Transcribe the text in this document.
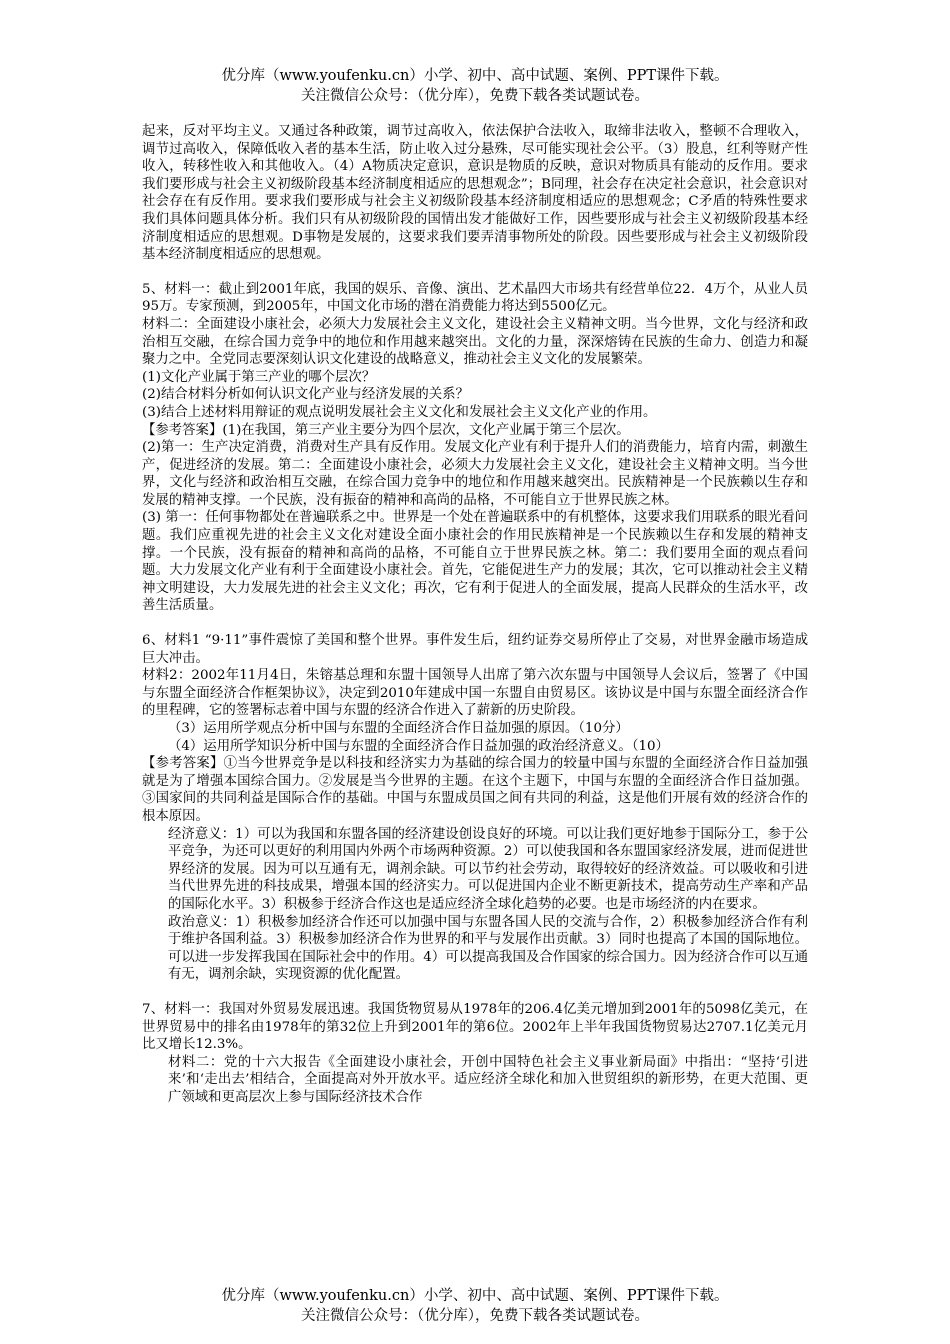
优分库（www.youfenku.cn）小学、初中、高中试题、案例、PPT课件下载。
关注微信公众号：（优分库），免费下载各类试题试卷。

起来，反对平均主义。又通过各种政策，调节过高收入，依法保护合法收入，取缔非法收入，整顿不合理收入，调节过高收入，保障低收入者的基本生活，防止收入过分悬殊，尽可能实现社会公平。（3）股息，红利等财产性收入，转移性收入和其他收入。（4）A物质决定意识，意识是物质的反映，意识对物质具有能动的反作用。要求我们要形成与社会主义初级阶段基本经济制度相适应的思想观念”；B同理，社会存在决定社会意识，社会意识对社会存在有反作用。要求我们要形成与社会主义初级阶段基本经济制度相适应的思想观念；C矛盾的特殊性要求我们具体问题具体分析。我们只有从初级阶段的国情出发才能做好工作，因些要形成与社会主义初级阶段基本经济制度相适应的思想观。D事物是发展的，这要求我们要弄清事物所处的阶段。因些要形成与社会主义初级阶段基本经济制度相适应的思想观。

5、材料一：截止到2001年底，我国的娱乐、音像、演出、艺术晶四大市场共有经营单位22．4万个，从业人员95万。专家预测，到2005年，中国文化市场的潜在消费能力将达到5500亿元。

材料二：全面建设小康社会，必须大力发展社会主义文化，建设社会主义精神文明。当今世界，文化与经济和政治相互交融，在综合国力竞争中的地位和作用越来越突出。文化的力量，深深熔铸在民族的生命力、创造力和凝聚力之中。全党同志要深刻认识文化建设的战略意义，推动社会主义文化的发展繁荣。

(1)文化产业属于第三产业的哪个层次？

(2)结合材料分析如何认识文化产业与经济发展的关系？

(3)结合上述材料用辩证的观点说明发展社会主义文化和发展社会主义文化产业的作用。

【参考答案】(1)在我国，第三产业主要分为四个层次，文化产业属于第三个层次。

(2)第一：生产决定消费，消费对生产具有反作用。发展文化产业有利于提升人们的消费能力，培育内需，刺激生产，促进经济的发展。第二：全面建设小康社会，必须大力发展社会主义文化，建设社会主义精神文明。当今世界，文化与经济和政治相互交融，在综合国力竞争中的地位和作用越来越突出。民族精神是一个民族赖以生存和发展的精神支撑。一个民族，没有振奋的精神和高尚的品格，不可能自立于世界民族之林。

(3) 第一：任何事物都处在普遍联系之中。世界是一个处在普遍联系中的有机整体，这要求我们用联系的眼光看问题。我们应重视先进的社会主义文化对建设全面小康社会的作用民族精神是一个民族赖以生存和发展的精神支撑。一个民族，没有振奋的精神和高尚的品格，不可能自立于世界民族之林。第二：我们要用全面的观点看问题。大力发展文化产业有利于全面建设小康社会。首先，它能促进生产力的发展；其次，它可以推动社会主义精神文明建设，大力发展先进的社会主义文化；再次，它有利于促进人的全面发展，提高人民群众的生活水平，改善生活质量。

6、材料1 “9·11”事件震惊了美国和整个世界。事件发生后，纽约证券交易所停止了交易，对世界金融市场造成巨大冲击。

材料2：2002年11月4日，朱镕基总理和东盟十国领导人出席了第六次东盟与中国领导人会议后，签署了《中国与东盟全面经济合作框架协议》，决定到2010年建成中国一东盟自由贸易区。该协议是中国与东盟全面经济合作的里程碑，它的签署标志着中国与东盟的经济合作进入了薪新的历史阶段。

（3）运用所学观点分析中国与东盟的全面经济合作日益加强的原因。（10分）

（4）运用所学知识分析中国与东盟的全面经济合作日益加强的政治经济意义。（10）

【参考答案】①当今世界竞争是以科技和经济实力为基础的综合国力的较量中国与东盟的全面经济合作日益加强就是为了增强本国综合国力。②发展是当今世界的主题。在这个主题下，中国与东盟的全面经济合作日益加强。③国家间的共同利益是国际合作的基础。中国与东盟成员国之间有共同的利益，这是他们开展有效的经济合作的根本原因。

经济意义：1）可以为我国和东盟各国的经济建设创设良好的环境。可以让我们更好地参于国际分工，参于公平竞争，为还可以更好的利用国内外两个市场两种资源。2）可以使我国和各东盟国家经济发展，进而促进世界经济的发展。因为可以互通有无，调剂余缺。可以节约社会劳动，取得较好的经济效益。可以吸收和引进当代世界先进的科技成果，增强本国的经济实力。可以促进国内企业不断更新技术，提高劳动生产率和产品的国际化水平。3）积极参于经济合作这也是适应经济全球化趋势的必要。也是市场经济的内在要求。

政治意义：1）积极参加经济合作还可以加强中国与东盟各国人民的交流与合作，2）积极参加经济合作有利于维护各国利益。3）积极参加经济合作为世界的和平与发展作出贡献。3）同时也提高了本国的国际地位。可以进一步发挥我国在国际社会中的作用。4）可以提高我国及合作国家的综合国力。因为经济合作可以互通有无，调剂余缺，实现资源的优化配置。

7、材料一：我国对外贸易发展迅速。我国货物贸易从1978年的206.4亿美元增加到2001年的5098亿美元，在世界贸易中的排名由1978年的第32位上升到2001年的第6位。2002年上半年我国货物贸易达2707.1亿美元月比又增长12.3%。

材料二：党的十六大报告《全面建设小康社会，开创中国特色社会主义事业新局面》中指出：“坚持‘引进来’和‘走出去’相结合，全面提高对外开放水平。适应经济全球化和加入世贸组织的新形势，在更大范围、更广领域和更高层次上参与国际经济技术合作

优分库（www.youfenku.cn）小学、初中、高中试题、案例、PPT课件下载。
关注微信公众号：（优分库），免费下载各类试题试卷。
